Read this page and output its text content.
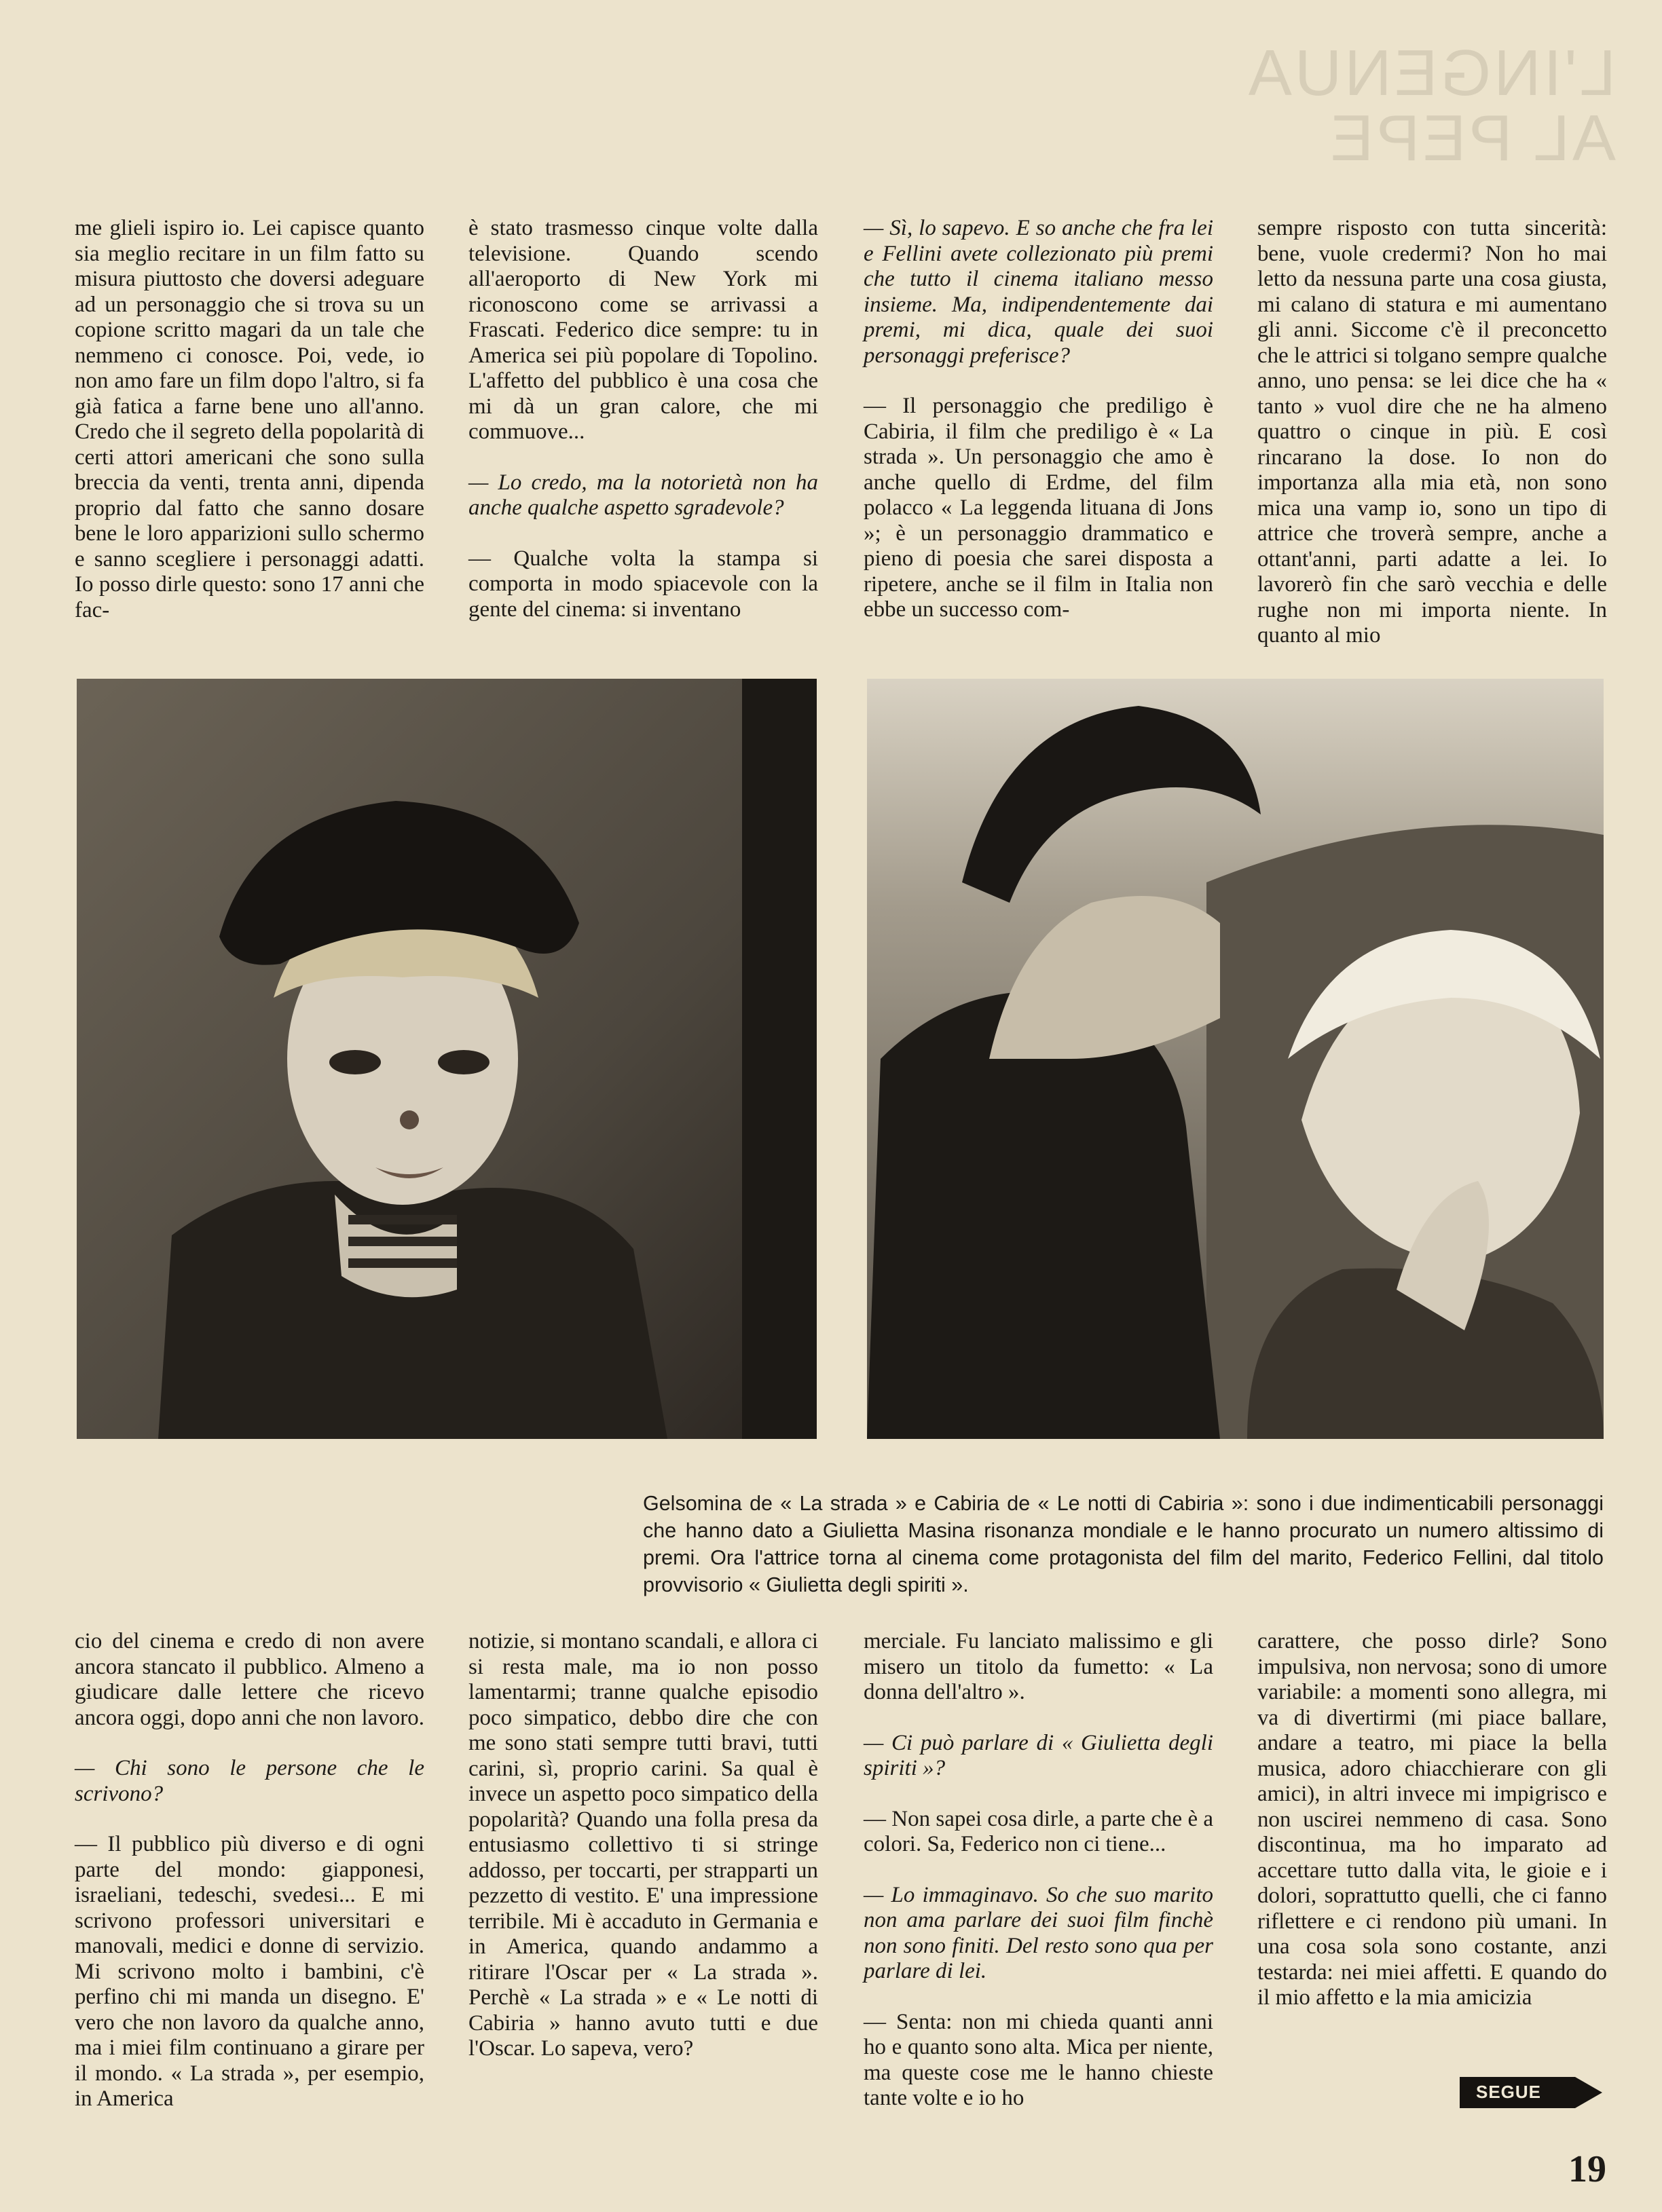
L'INGENUA
AL PEPE

me glieli ispiro io. Lei capisce quanto sia meglio recitare in un film fatto su misura piuttosto che doversi adeguare ad un personaggio che si trova su un copione scritto magari da un tale che nemmeno ci conosce. Poi, vede, io non amo fare un film dopo l'altro, si fa già fatica a farne bene uno all'anno. Credo che il segreto della popolarità di certi attori americani che sono sulla breccia da venti, trenta anni, dipenda proprio dal fatto che sanno dosare bene le loro apparizioni sullo schermo e sanno scegliere i personaggi adatti. Io posso dirle questo: sono 17 anni che fac-

è stato trasmesso cinque volte dalla televisione. Quando scendo all'aeroporto di New York mi riconoscono come se arrivassi a Frascati. Federico dice sempre: tu in America sei più popolare di Topolino. L'affetto del pubblico è una cosa che mi dà un gran calore, che mi commuove...

— Lo credo, ma la notorietà non ha anche qualche aspetto sgradevole?

— Qualche volta la stampa si comporta in modo spiacevole con la gente del cinema: si inventano

— Sì, lo sapevo. E so anche che fra lei e Fellini avete collezionato più premi che tutto il cinema italiano messo insieme. Ma, indipendentemente dai premi, mi dica, quale dei suoi personaggi preferisce?

— Il personaggio che prediligo è Cabiria, il film che prediligo è « La strada ». Un personaggio che amo è anche quello di Erdme, del film polacco « La leggenda lituana di Jons »; è un personaggio drammatico e pieno di poesia che sarei disposta a ripetere, anche se il film in Italia non ebbe un successo com-

sempre risposto con tutta sincerità: bene, vuole credermi? Non ho mai letto da nessuna parte una cosa giusta, mi calano di statura e mi aumentano gli anni. Siccome c'è il preconcetto che le attrici si tolgano sempre qualche anno, uno pensa: se lei dice che ha « tanto » vuol dire che ne ha almeno quattro o cinque in più. E così rincarano la dose. Io non do importanza alla mia età, non sono mica una vamp io, sono un tipo di attrice che troverà sempre, anche a ottant'anni, parti adatte a lei. Io lavorerò fin che sarò vecchia e delle rughe non mi importa niente. In quanto al mio

Gelsomina de « La strada » e Cabiria de « Le notti di Cabiria »: sono i due indimenticabili personaggi che hanno dato a Giulietta Masina risonanza mondiale e le hanno procurato un numero altissimo di premi. Ora l'attrice torna al cinema come protagonista del film del marito, Federico Fellini, dal titolo provvisorio « Giulietta degli spiriti ».

cio del cinema e credo di non avere ancora stancato il pubblico. Almeno a giudicare dalle lettere che ricevo ancora oggi, dopo anni che non lavoro.

— Chi sono le persone che le scrivono?

— Il pubblico più diverso e di ogni parte del mondo: giapponesi, israeliani, tedeschi, svedesi... E mi scrivono professori universitari e manovali, medici e donne di servizio. Mi scrivono molto i bambini, c'è perfino chi mi manda un disegno. E' vero che non lavoro da qualche anno, ma i miei film continuano a girare per il mondo. « La strada », per esempio, in America

notizie, si montano scandali, e allora ci si resta male, ma io non posso lamentarmi; tranne qualche episodio poco simpatico, debbo dire che con me sono stati sempre tutti bravi, tutti carini, sì, proprio carini. Sa qual è invece un aspetto poco simpatico della popolarità? Quando una folla presa da entusiasmo collettivo ti si stringe addosso, per toccarti, per strapparti un pezzetto di vestito. E' una impressione terribile. Mi è accaduto in Germania e in America, quando andammo a ritirare l'Oscar per « La strada ». Perchè « La strada » e « Le notti di Cabiria » hanno avuto tutti e due l'Oscar. Lo sapeva, vero?

merciale. Fu lanciato malissimo e gli misero un titolo da fumetto: « La donna dell'altro ».

— Ci può parlare di « Giulietta degli spiriti »?

— Non sapei cosa dirle, a parte che è a colori. Sa, Federico non ci tiene...

— Lo immaginavo. So che suo marito non ama parlare dei suoi film finchè non sono finiti. Del resto sono qua per parlare di lei.

— Senta: non mi chieda quanti anni ho e quanto sono alta. Mica per niente, ma queste cose me le hanno chieste tante volte e io ho

carattere, che posso dirle? Sono impulsiva, non nervosa; sono di umore variabile: a momenti sono allegra, mi va di divertirmi (mi piace ballare, andare a teatro, mi piace la bella musica, adoro chiacchierare con gli amici), in altri invece mi impigrisco e non uscirei nemmeno di casa. Sono discontinua, ma ho imparato ad accettare tutto dalla vita, le gioie e i dolori, soprattutto quelli, che ci fanno riflettere e ci rendono più umani. In una cosa sola sono costante, anzi testarda: nei miei affetti. E quando do il mio affetto e la mia amicizia

SEGUE
19
